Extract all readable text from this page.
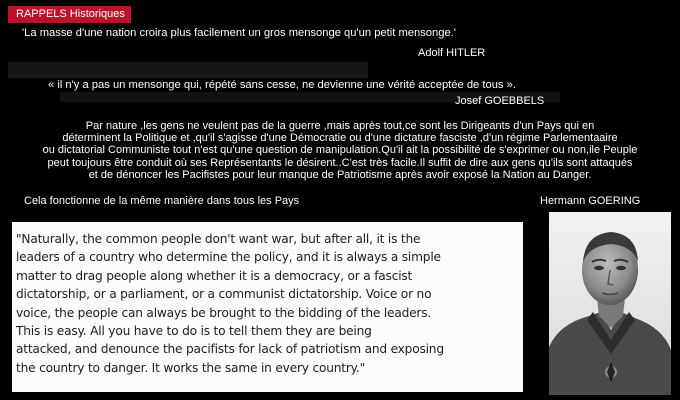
RAPPELS Historiques
'La masse d'une nation croira plus facilement un gros mensonge qu'un petit mensonge.'
Adolf HITLER
« il n'y a pas un mensonge qui, répété sans cesse, ne devienne une vérité acceptée de tous ».
Josef GOEBBELS
Par nature ,les gens ne veulent pas de la guerre ,mais après tout,ce sont les Dirigeants d'un Pays qui en
déterminent la Politique et ,qu'il s'agisse d'une Démocratie ou d'une dictature fasciste ,d'un régime Parlementaaire
ou dictatorial Communiste tout n'est qu'une question de manipulation.Qu'il ait la possibilité de s'exprimer ou non,ile Peuple
peut toujours être conduit où ses Représentants le désirent..C'est très facile.Il suffit de dire aux gens qu'ils sont attaqués
et de dénoncer les Pacifistes pour leur manque de Patriotisme après avoir exposé la Nation au Danger.
Cela fonctionne de la même manière dans tous les Pays	Hermann GOERING
"Naturally, the common people don't want war, but after all, it is the
leaders of a country who determine the policy, and it is always a simple
matter to drag people along whether it is a democracy, or a fascist
dictatorship, or a parliament, or a communist dictatorship. Voice or no
voice, the people can always be brought to the bidding of the leaders.
This is easy. All you have to do is to tell them they are being
attacked, and denounce the pacifists for lack of patriotism and exposing
the country to danger. It works the same in every country."
